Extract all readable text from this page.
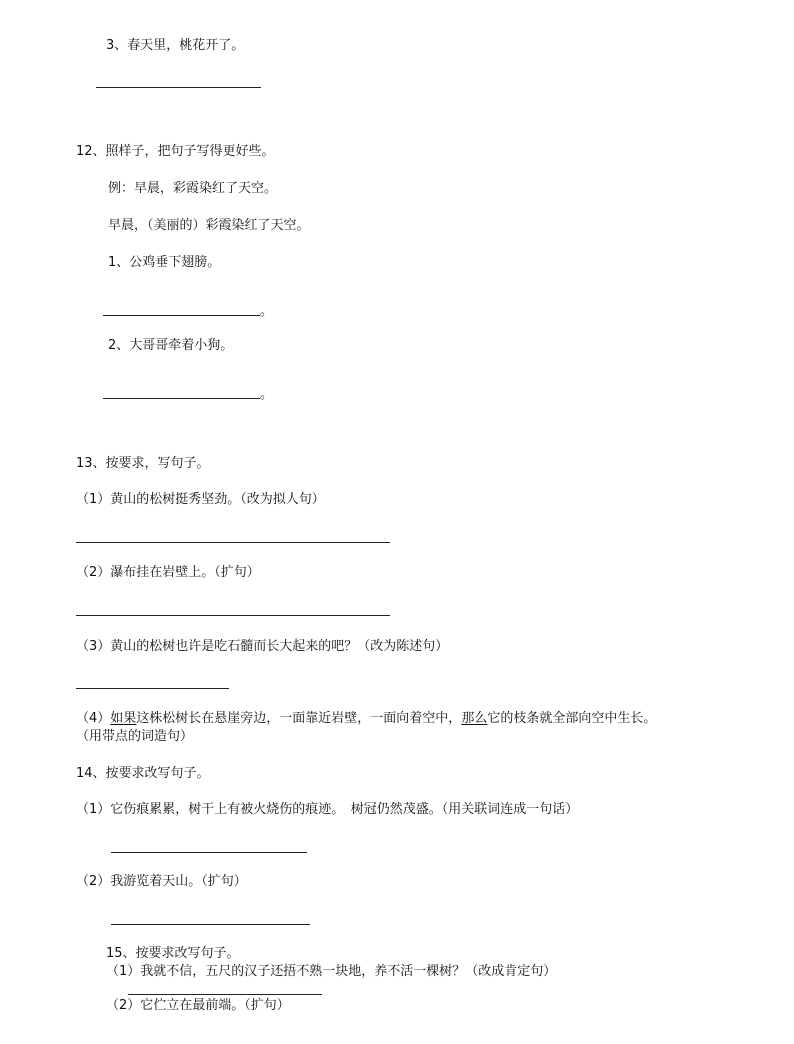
3、春天里，桃花开了。
12、照样子，把句子写得更好些。
例：早晨，彩霞染红了天空。
早晨，（美丽的）彩霞染红了天空。
1、公鸡垂下翅膀。
。
2、大哥哥牵着小狗。
。
13、按要求，写句子。
（1）黄山的松树挺秀坚劲。（改为拟人句）
（2）瀑布挂在岩壁上。（扩句）
（3）黄山的松树也许是吃石髓而长大起来的吧？（改为陈述句）
（4）如果这株松树长在悬崖旁边，一面靠近岩壁，一面向着空中，那么它的枝条就全部向空中生长。
（用带点的词造句）
14、按要求改写句子。
（1）它伤痕累累，树干上有被火烧伤的痕迹。　树冠仍然茂盛。（用关联词连成一句话）
（2）我游览着天山。（扩句）
15、按要求改写句子。
（1）我就不信，五尺的汉子还捂不熟一块地，养不活一棵树？（改成肯定句）
（2）它伫立在最前端。（扩句）
